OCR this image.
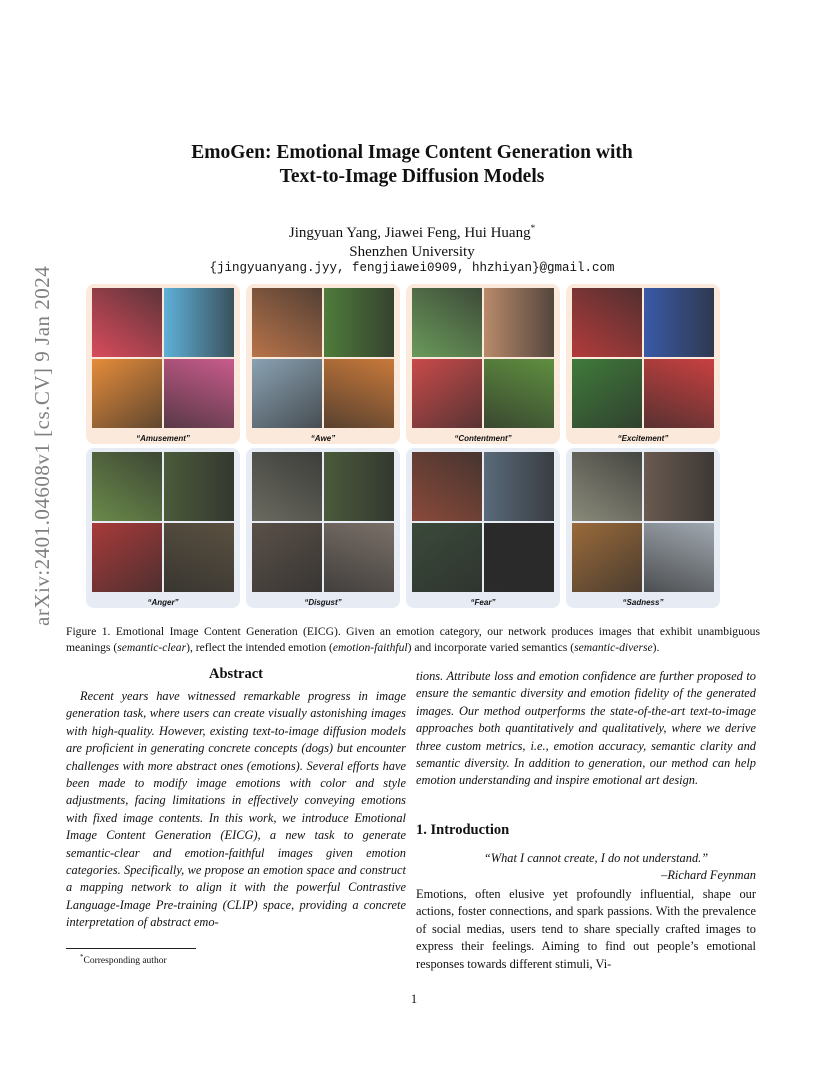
arXiv:2401.04608v1 [cs.CV] 9 Jan 2024
EmoGen: Emotional Image Content Generation with
Text-to-Image Diffusion Models
Jingyuan Yang, Jiawei Feng, Hui Huang*
Shenzhen University
{jingyuanyang.jyy, fengjiawei0909, hhzhiyan}@gmail.com
“Amusement”	“Awe”	“Contentment”	“Excitement”
“Anger”	“Disgust”	“Fear”	“Sadness”
Figure 1. Emotional Image Content Generation (EICG). Given an emotion category, our network produces images that exhibit unambiguous meanings (semantic-clear), reflect the intended emotion (emotion-faithful) and incorporate varied semantics (semantic-diverse).
Abstract

Recent years have witnessed remarkable progress in image generation task, where users can create visually astonishing images with high-quality. However, existing text-to-image diffusion models are proficient in generating concrete concepts (dogs) but encounter challenges with more abstract ones (emotions). Several efforts have been made to modify image emotions with color and style adjustments, facing limitations in effectively conveying emotions with fixed image contents. In this work, we introduce Emotional Image Content Generation (EICG), a new task to generate semantic-clear and emotion-faithful images given emotion categories. Specifically, we propose an emotion space and construct a mapping network to align it with the powerful Contrastive Language-Image Pre-training (CLIP) space, providing a concrete interpretation of abstract emo-

tions. Attribute loss and emotion confidence are further proposed to ensure the semantic diversity and emotion fidelity of the generated images. Our method outperforms the state-of-the-art text-to-image approaches both quantitatively and qualitatively, where we derive three custom metrics, i.e., emotion accuracy, semantic clarity and semantic diversity. In addition to generation, our method can help emotion understanding and inspire emotional art design.

1. Introduction
“What I cannot create, I do not understand.”
–Richard Feynman

Emotions, often elusive yet profoundly influential, shape our actions, foster connections, and spark passions. With the prevalence of social medias, users tend to share specially crafted images to express their feelings. Aiming to find out people’s emotional responses towards different stimuli, Vi-

*Corresponding author
1
